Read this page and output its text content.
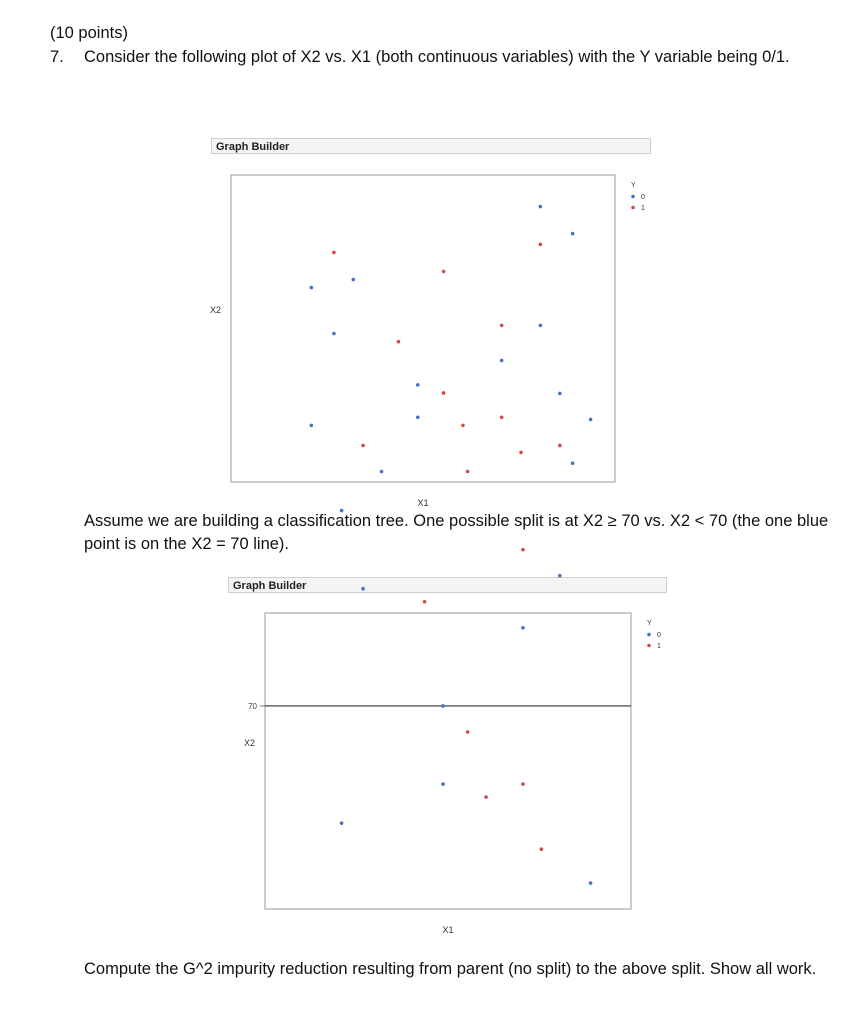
(10 points)
7. Consider the following plot of X2 vs. X1 (both continuous variables) with the Y variable being 0/1.
Graph Builder
X2
X1
Y
0
1
Assume we are building a classification tree. One possible split is at X2 ≥ 70 vs. X2 < 70 (the one blue point is on the X2 = 70 line).
Graph Builder
X2
X1
70
Y
0
1
Compute the G^2 impurity reduction resulting from parent (no split) to the above split. Show all work.
